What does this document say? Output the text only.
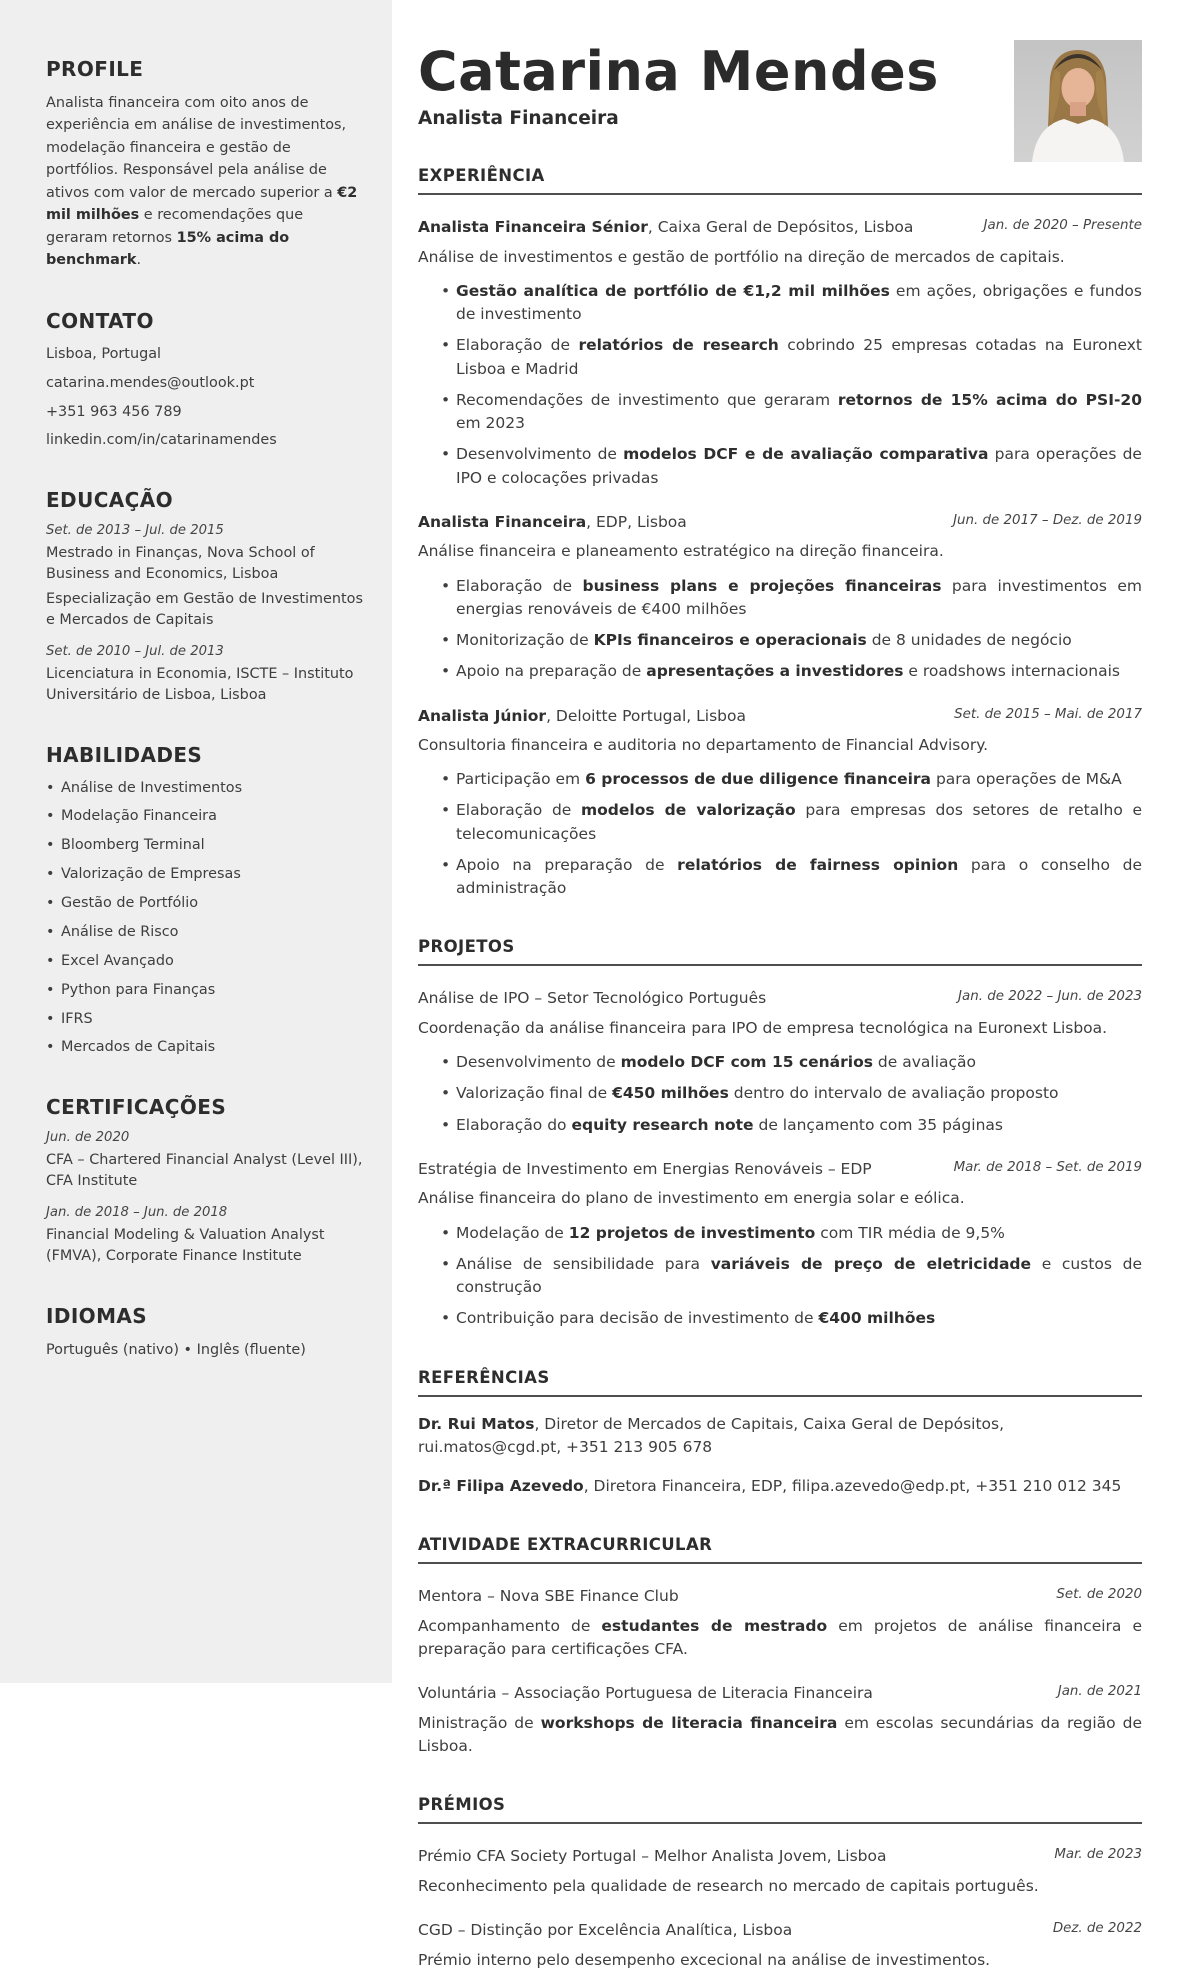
PROFILE

Analista financeira com oito anos de experiência em análise de investimentos, modelação financeira e gestão de portfólios. Responsável pela análise de ativos com valor de mercado superior a €2 mil milhões e recomendações que geraram retornos 15% acima do benchmark.

CONTATO
Lisboa, Portugal
catarina.mendes@outlook.pt
+351 963 456 789
linkedin.com/in/catarinamendes
EDUCAÇÃO
Set. de 2013 – Jul. de 2015
Mestrado in Finanças, Nova School of Business and Economics, Lisboa
Especialização em Gestão de Investimentos e Mercados de Capitais
Set. de 2010 – Jul. de 2013
Licenciatura in Economia, ISCTE – Instituto Universitário de Lisboa, Lisboa
HABILIDADES
• Análise de Investimentos
• Modelação Financeira
• Bloomberg Terminal
• Valorização de Empresas
• Gestão de Portfólio
• Análise de Risco
• Excel Avançado
• Python para Finanças
• IFRS
• Mercados de Capitais
CERTIFICAÇÕES
Jun. de 2020
CFA – Chartered Financial Analyst (Level III), CFA Institute
Jan. de 2018 – Jun. de 2018
Financial Modeling & Valuation Analyst (FMVA), Corporate Finance Institute
IDIOMAS

Português (nativo) • Inglês (fluente)

Catarina Mendes
Analista Financeira
EXPERIÊNCIA
Analista Financeira Sénior, Caixa Geral de Depósitos, Lisboa	Jan. de 2020 – Presente
Análise de investimentos e gestão de portfólio na direção de mercados de capitais.
• Gestão analítica de portfólio de €1,2 mil milhões em ações, obrigações e fundos de investimento
• Elaboração de relatórios de research cobrindo 25 empresas cotadas na Euronext Lisboa e Madrid
• Recomendações de investimento que geraram retornos de 15% acima do PSI-20 em 2023
• Desenvolvimento de modelos DCF e de avaliação comparativa para operações de IPO e colocações privadas
Analista Financeira, EDP, Lisboa	Jun. de 2017 – Dez. de 2019
Análise financeira e planeamento estratégico na direção financeira.
• Elaboração de business plans e projeções financeiras para investimentos em energias renováveis de €400 milhões
• Monitorização de KPIs financeiros e operacionais de 8 unidades de negócio
• Apoio na preparação de apresentações a investidores e roadshows internacionais
Analista Júnior, Deloitte Portugal, Lisboa	Set. de 2015 – Mai. de 2017
Consultoria financeira e auditoria no departamento de Financial Advisory.
• Participação em 6 processos de due diligence financeira para operações de M&A
• Elaboração de modelos de valorização para empresas dos setores de retalho e telecomunicações
• Apoio na preparação de relatórios de fairness opinion para o conselho de administração
PROJETOS
Análise de IPO – Setor Tecnológico Português	Jan. de 2022 – Jun. de 2023
Coordenação da análise financeira para IPO de empresa tecnológica na Euronext Lisboa.
• Desenvolvimento de modelo DCF com 15 cenários de avaliação
• Valorização final de €450 milhões dentro do intervalo de avaliação proposto
• Elaboração do equity research note de lançamento com 35 páginas
Estratégia de Investimento em Energias Renováveis – EDP	Mar. de 2018 – Set. de 2019
Análise financeira do plano de investimento em energia solar e eólica.
• Modelação de 12 projetos de investimento com TIR média de 9,5%
• Análise de sensibilidade para variáveis de preço de eletricidade e custos de construção
• Contribuição para decisão de investimento de €400 milhões
REFERÊNCIAS

Dr. Rui Matos, Diretor de Mercados de Capitais, Caixa Geral de Depósitos, rui.matos@cgd.pt, +351 213 905 678

Dr.ª Filipa Azevedo, Diretora Financeira, EDP, filipa.azevedo@edp.pt, +351 210 012 345

ATIVIDADE EXTRACURRICULAR
Mentora – Nova SBE Finance Club	Set. de 2020
Acompanhamento de estudantes de mestrado em projetos de análise financeira e preparação para certificações CFA.
Voluntária – Associação Portuguesa de Literacia Financeira	Jan. de 2021
Ministração de workshops de literacia financeira em escolas secundárias da região de Lisboa.
PRÉMIOS
Prémio CFA Society Portugal – Melhor Analista Jovem, Lisboa	Mar. de 2023
Reconhecimento pela qualidade de research no mercado de capitais português.
CGD – Distinção por Excelência Analítica, Lisboa	Dez. de 2022
Prémio interno pelo desempenho excecional na análise de investimentos.
